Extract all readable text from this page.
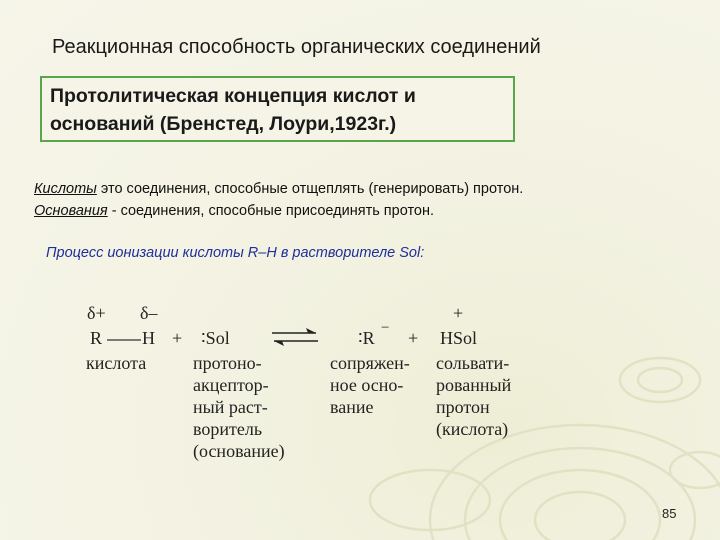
Реакционная способность органических соединений
Протолитическая концепция кислот и
оснований (Бренстед, Лоури,1923г.)
Кислоты это соединения, способные отщеплять (генерировать) протон.
Основания - соединения, способные присоединять протон.
Процесс ионизации кислоты R–H в растворителе Sol:
δ+ δ–
R H + ∶Sol	∶R − +
+
HSol
кислота	протоно-
акцептор-
ный раст-
воритель
(основание)
сопряжен-
ное осно-
вание
сольвати-
рованный
протон
(кислота)
85
